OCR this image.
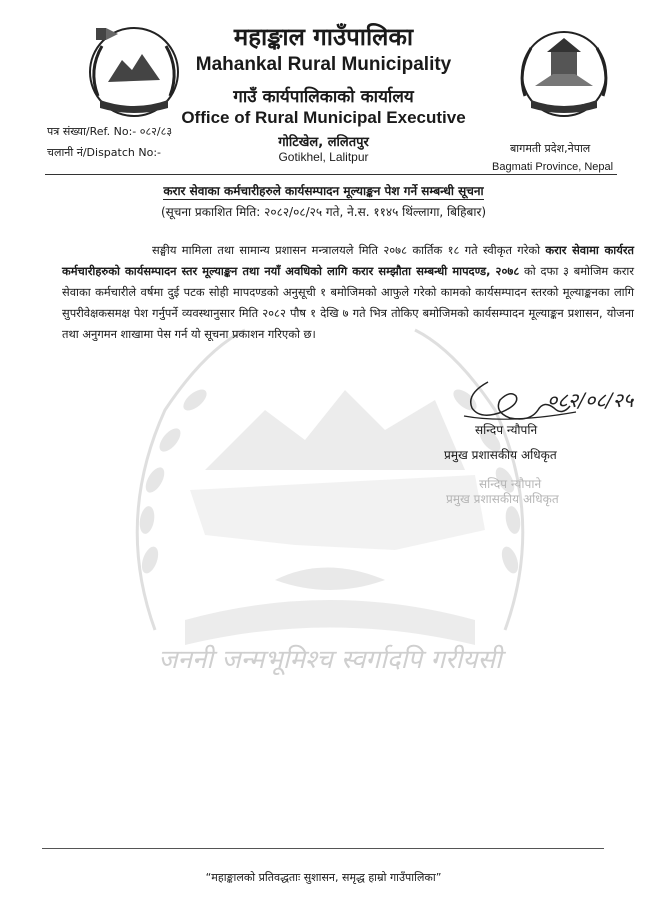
जननी जन्मभूमिश्च स्वर्गादपि गरीयसी
महाङ्काल गाउँपालिका	बागमती प्रदेश सरकार
महाङ्काल गाउँपालिका
Mahankal Rural Municipality
गाउँ कार्यपालिकाको कार्यालय
Office of Rural Municipal Executive
गोटिखेल, ललितपुर
Gotikhel, Lalitpur
पत्र संख्या/Ref. No:- ०८२/८३
चलानी नं/Dispatch No:-	बागमती प्रदेश,नेपाल
Bagmati Province, Nepal
करार सेवाका कर्मचारीहरुले कार्यसम्पादन मूल्याङ्कन पेश गर्ने सम्बन्धी सूचना
(सूचना प्रकाशित मिति: २०८२/०८/२५ गते, ने.स. ११४५ थिंल्लागा, बिहिबार)
सङ्घीय मामिला तथा सामान्य प्रशासन मन्त्रालयले मिति २०७८ कार्तिक १८ गते स्वीकृत गरेको करार सेवामा कार्यरत कर्मचारीहरुको कार्यसम्पादन स्तर मूल्याङ्कन तथा नयाँ अवधिको लागि करार सम्झौता सम्बन्धी मापदण्ड, २०७८ को दफा ३ बमोजिम करार सेवाका कर्मचारीले वर्षमा दुई पटक सोही मापदण्डको अनुसूची १ बमोजिमको आफुले गरेको कामको कार्यसम्पादन स्तरको मूल्याङ्कनका लागि सुपरीवेक्षकसमक्ष पेश गर्नुपर्ने व्यवस्थानुसार मिति २०८२ पौष १ देखि ७ गते भित्र तोकिए बमोजिमको कार्यसम्पादन मूल्याङ्कन प्रशासन, योजना तथा अनुगमन शाखामा पेस गर्न यो सूचना प्रकाशन गरिएको छ।
०८२/०८/२५
सन्दिप न्यौपनि
प्रमुख प्रशासकीय अधिकृत
सन्दिप न्यौपाने
प्रमुख प्रशासकीय अधिकृत
“महाङ्कालको प्रतिवद्धताः सुशासन, समृद्ध हाम्रो गाउँपालिका”
